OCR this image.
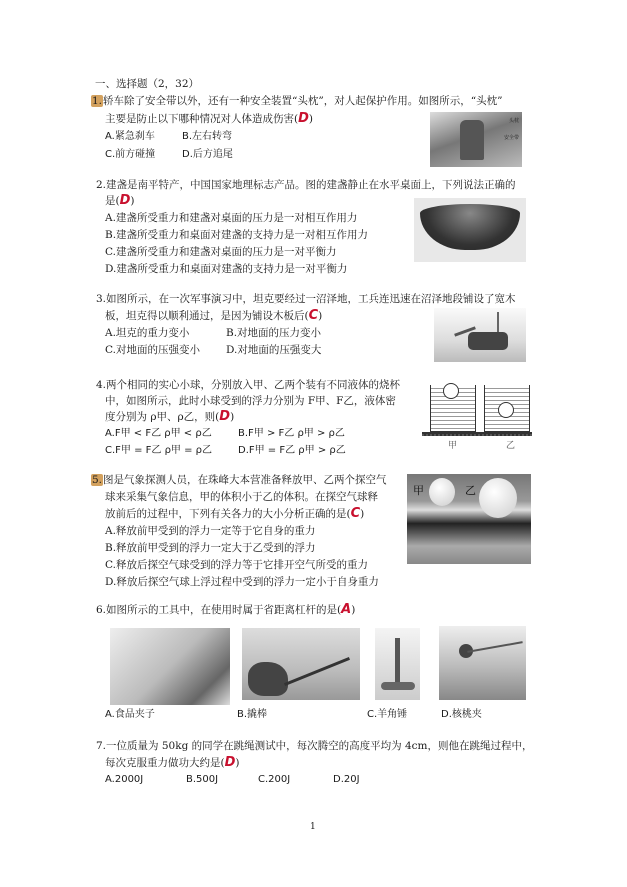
一、选择题（2，32）
1.轿车除了安全带以外，还有一种安全装置“头枕”，对人起保护作用。如图所示，“头枕”
主要是防止以下哪种情况对人体造成伤害(D)
A.紧急刹车	B.左右转弯
C.前方碰撞	D.后方追尾
头枕
安全带
2.建盏是南平特产，中国国家地理标志产品。图的建盏静止在水平桌面上，下列说法正确的
是(D)
A.建盏所受重力和建盏对桌面的压力是一对相互作用力
B.建盏所受重力和桌面对建盏的支持力是一对相互作用力
C.建盏所受重力和建盏对桌面的压力是一对平衡力
D.建盏所受重力和桌面对建盏的支持力是一对平衡力
3.如图所示，在一次军事演习中，坦克要经过一沼泽地，工兵连迅速在沼泽地段铺设了宽木
板，坦克得以顺利通过，是因为铺设木板后(C)
A.坦克的重力变小	B.对地面的压力变小
C.对地面的压强变小 D.对地面的压强变大
4.两个相同的实心小球，分别放入甲、乙两个装有不同液体的烧杯
中，如图所示，此时小球受到的浮力分别为 F甲、F乙，液体密
度分别为 ρ甲、ρ乙，则(D)
A.F甲 < F乙 ρ甲 < ρ乙	B.F甲 > F乙 ρ甲 > ρ乙
C.F甲 = F乙 ρ甲 = ρ乙	D.F甲 = F乙 ρ甲 > ρ乙	甲	乙
5.图是气象探测人员，在珠峰大本营准备释放甲、乙两个探空气
球来采集气象信息，甲的体积小于乙的体积。在探空气球释
放前后的过程中，下列有关各力的大小分析正确的是(C)
A.释放前甲受到的浮力一定等于它自身的重力
B.释放前甲受到的浮力一定大于乙受到的浮力
C.释放后探空气球受到的浮力等于它排开空气所受的重力
D.释放后探空气球上浮过程中受到的浮力一定小于自身重力
甲	乙
6.如图所示的工具中，在使用时属于省距离杠杆的是(A)
A.食品夹子	B.撬棒	C.羊角锤	D.核桃夹
7.一位质量为 50kg 的同学在跳绳测试中，每次腾空的高度平均为 4cm，则他在跳绳过程中，
每次克服重力做功大约是(D)
A.2000J	B.500J	C.200J	D.20J
1
